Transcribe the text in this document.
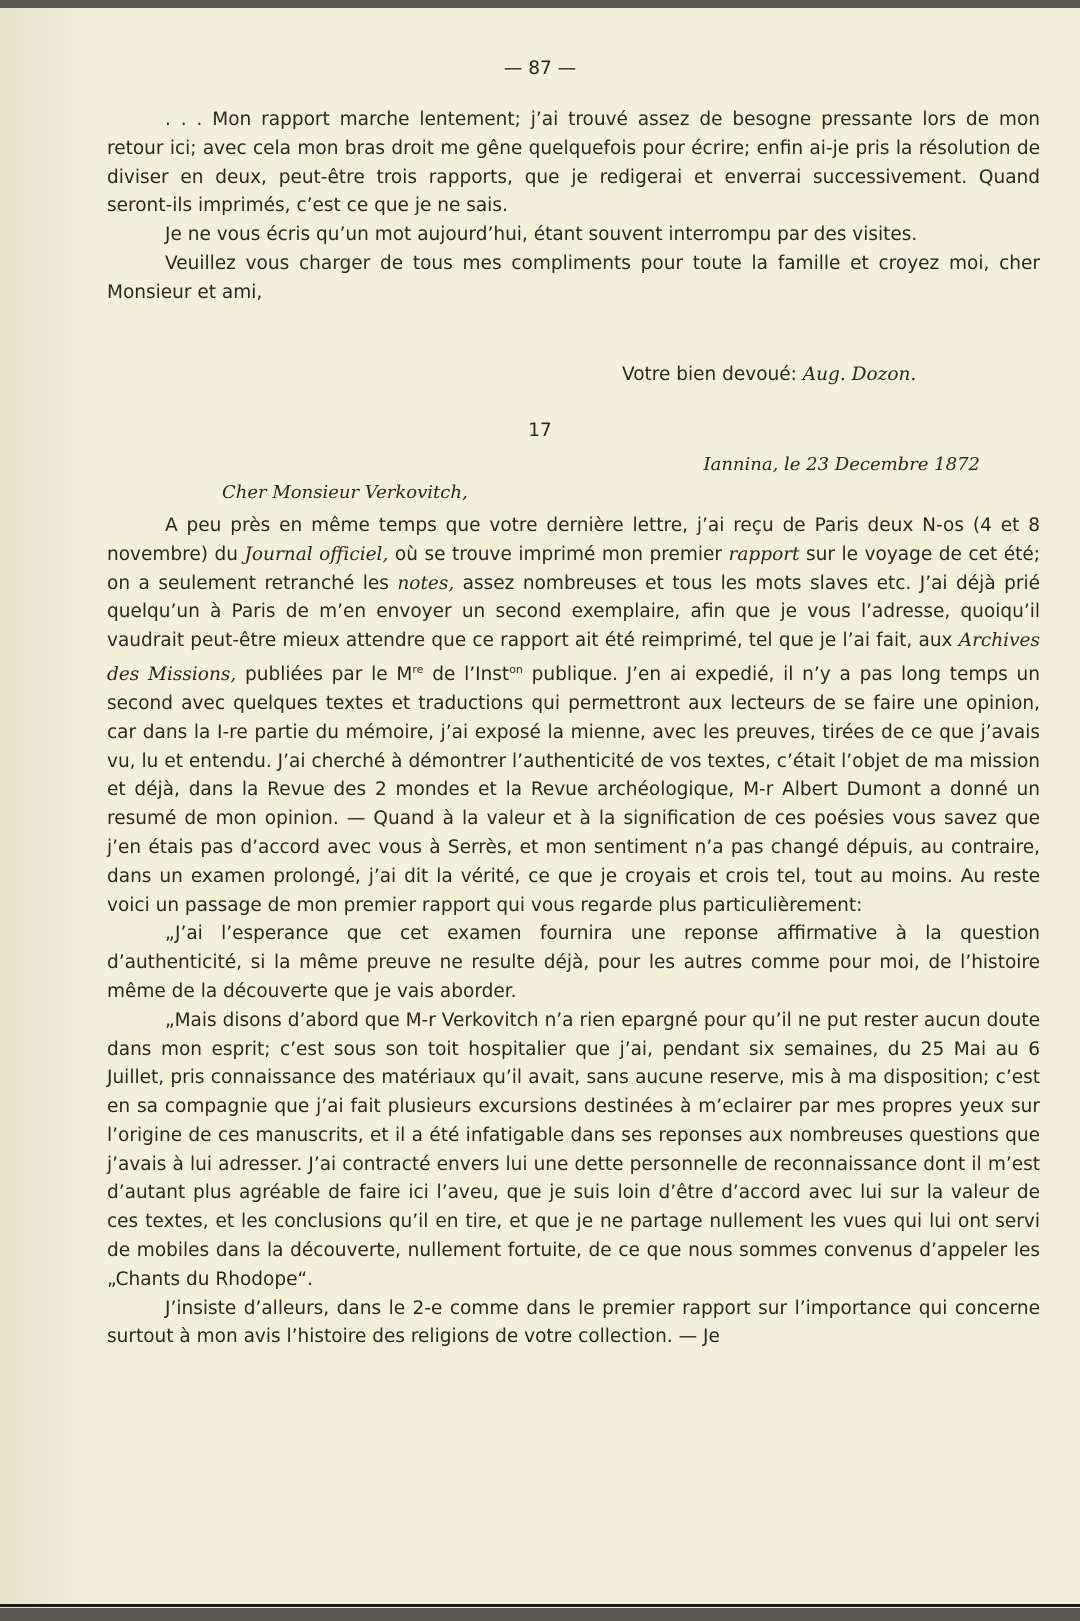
— 87 —

. . . Mon rapport marche lentement; j’ai trouvé assez de besogne pressante lors de mon retour ici; avec cela mon bras droit me gêne quelquefois pour écrire; enfin ai-je pris la résolution de diviser en deux, peut-être trois rapports, que je redigerai et enverrai successivement. Quand seront-ils imprimés, c’est ce que je ne sais.

Je ne vous écris qu’un mot aujourd’hui, étant souvent interrompu par des visites.

Veuillez vous charger de tous mes compliments pour toute la famille et croyez moi, cher Monsieur et ami,

Votre bien devoué: Aug. Dozon.
17
Iannina, le 23 Decembre 1872
Cher Monsieur Verkovitch,

A peu près en même temps que votre dernière lettre, j’ai reçu de Paris deux N-os (4 et 8 novembre) du Journal officiel, où se trouve imprimé mon premier rapport sur le voyage de cet été; on a seulement retranché les notes, assez nombreuses et tous les mots slaves etc. J’ai déjà prié quelqu’un à Paris de m’en envoyer un second exemplaire, afin que je vous l’adresse, quoiqu’il vaudrait peut-être mieux attendre que ce rapport ait été reimprimé, tel que je l’ai fait, aux Archives des Missions, publiées par le Mre de l’Inst$^{on}$ publique. J’en ai expedié, il n’y a pas long temps un second avec quelques textes et traductions qui permettront aux lecteurs de se faire une opinion, car dans la I-re partie du mémoire, j’ai exposé la mienne, avec les preuves, tirées de ce que j’avais vu, lu et entendu. J’ai cherché à démontrer l’authenticité de vos textes, c’était l’objet de ma mission et déjà, dans la Revue des 2 mondes et la Revue archéologique, M-r Albert Dumont a donné un resumé de mon opinion. — Quand à la valeur et à la signification de ces poésies vous savez que j’en étais pas d’accord avec vous à Serrès, et mon sentiment n’a pas changé dépuis, au contraire, dans un examen prolongé, j’ai dit la vérité, ce que je croyais et crois tel, tout au moins. Au reste voici un passage de mon premier rapport qui vous regarde plus particulièrement:

„J’ai l’esperance que cet examen fournira une reponse affirmative à la question d’authenticité, si la même preuve ne resulte déjà, pour les autres comme pour moi, de l’histoire même de la découverte que je vais aborder.

„Mais disons d’abord que M-r Verkovitch n’a rien epargné pour qu’il ne put rester aucun doute dans mon esprit; c’est sous son toit hospitalier que j’ai, pendant six semaines, du 25 Mai au 6 Juillet, pris connaissance des matériaux qu’il avait, sans aucune reserve, mis à ma disposition; c’est en sa compagnie que j’ai fait plusieurs excursions destinées à m’eclairer par mes propres yeux sur l’origine de ces manuscrits, et il a été infatigable dans ses reponses aux nombreuses questions que j’avais à lui adresser. J’ai contracté envers lui une dette personnelle de reconnaissance dont il m’est d’autant plus agréable de faire ici l’aveu, que je suis loin d’être d’accord avec lui sur la valeur de ces textes, et les conclusions qu’il en tire, et que je ne partage nullement les vues qui lui ont servi de mobiles dans la découverte, nullement fortuite, de ce que nous sommes convenus d’appeler les „Chants du Rhodope“.

J’insiste d’alleurs, dans le 2-e comme dans le premier rapport sur l’importance qui concerne surtout à mon avis l’histoire des religions de votre collection. — Je
